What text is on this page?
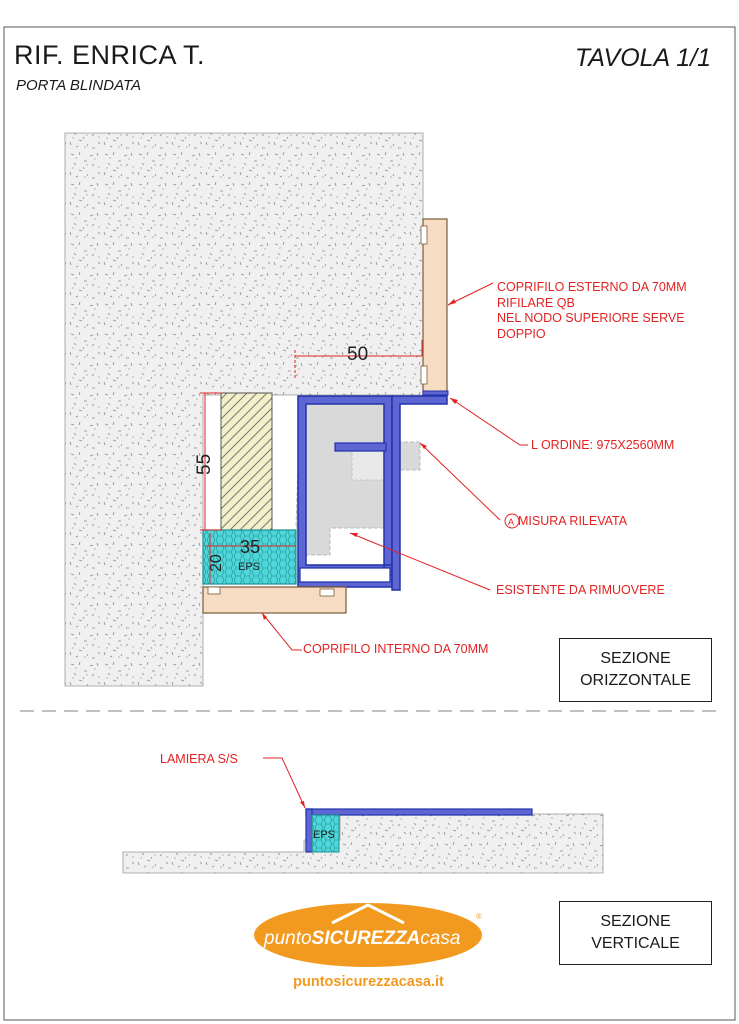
50
55
35
20 EPS
EPS
RIF. ENRICA T.
PORTA BLINDATA
TAVOLA 1/1
COPRIFILO ESTERNO DA 70MM
RIFILARE QB
NEL NODO SUPERIORE SERVE
DOPPIO
L ORDINE: 975X2560MM
A MISURA RILEVATA
ESISTENTE DA RIMUOVERE
COPRIFILO INTERNO DA 70MM
LAMIERA S/S
SEZIONE
ORIZZONTALE
SEZIONE
VERTICALE
puntoSICUREZZAcasa
®
puntosicurezzacasa.it
